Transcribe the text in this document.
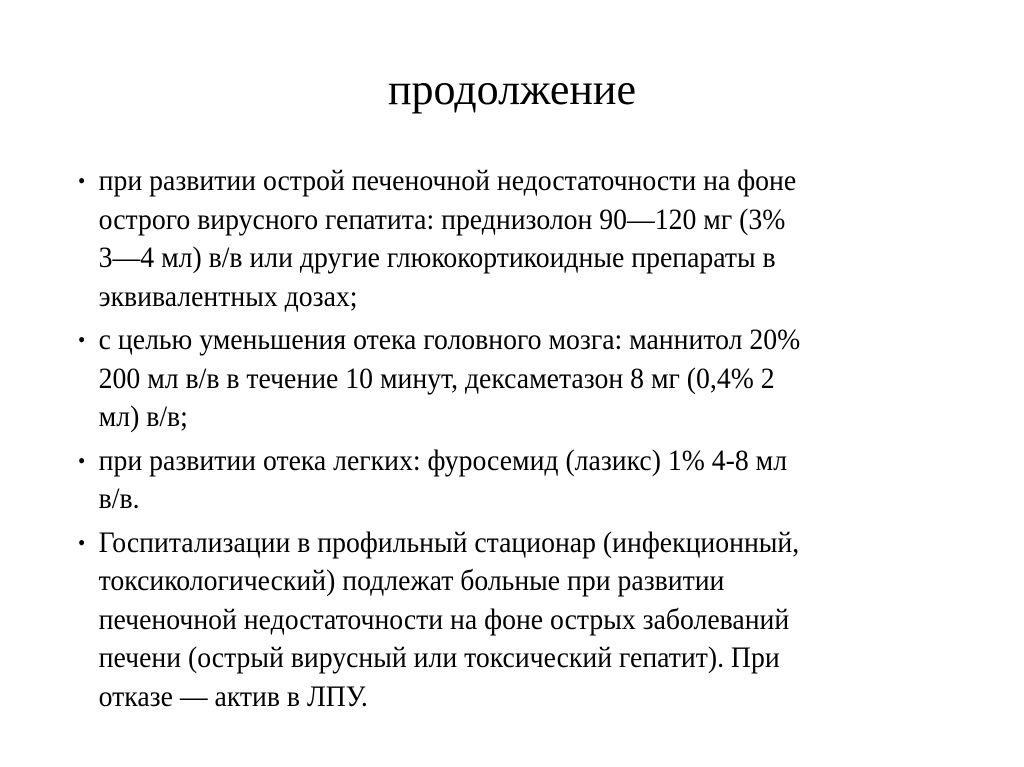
продолжение
• при развитии острой печеночной недостаточности на фоне
острого вирусного гепатита: преднизолон 90—120 мг (3%
3—4 мл) в/в или другие глюкокортикоидные препараты в
эквивалентных дозах;
• с целью уменьшения отека головного мозга: маннитол 20%
200 мл в/в в течение 10 минут, дексаметазон 8 мг (0,4% 2
мл) в/в;
• при развитии отека легких: фуросемид (лазикс) 1% 4-8 мл
в/в.
• Госпитализации в профильный стационар (инфекционный,
токсикологический) подлежат больные при развитии
печеночной недостаточности на фоне острых заболеваний
печени (острый вирусный или токсический гепатит). При
отказе — актив в ЛПУ.
